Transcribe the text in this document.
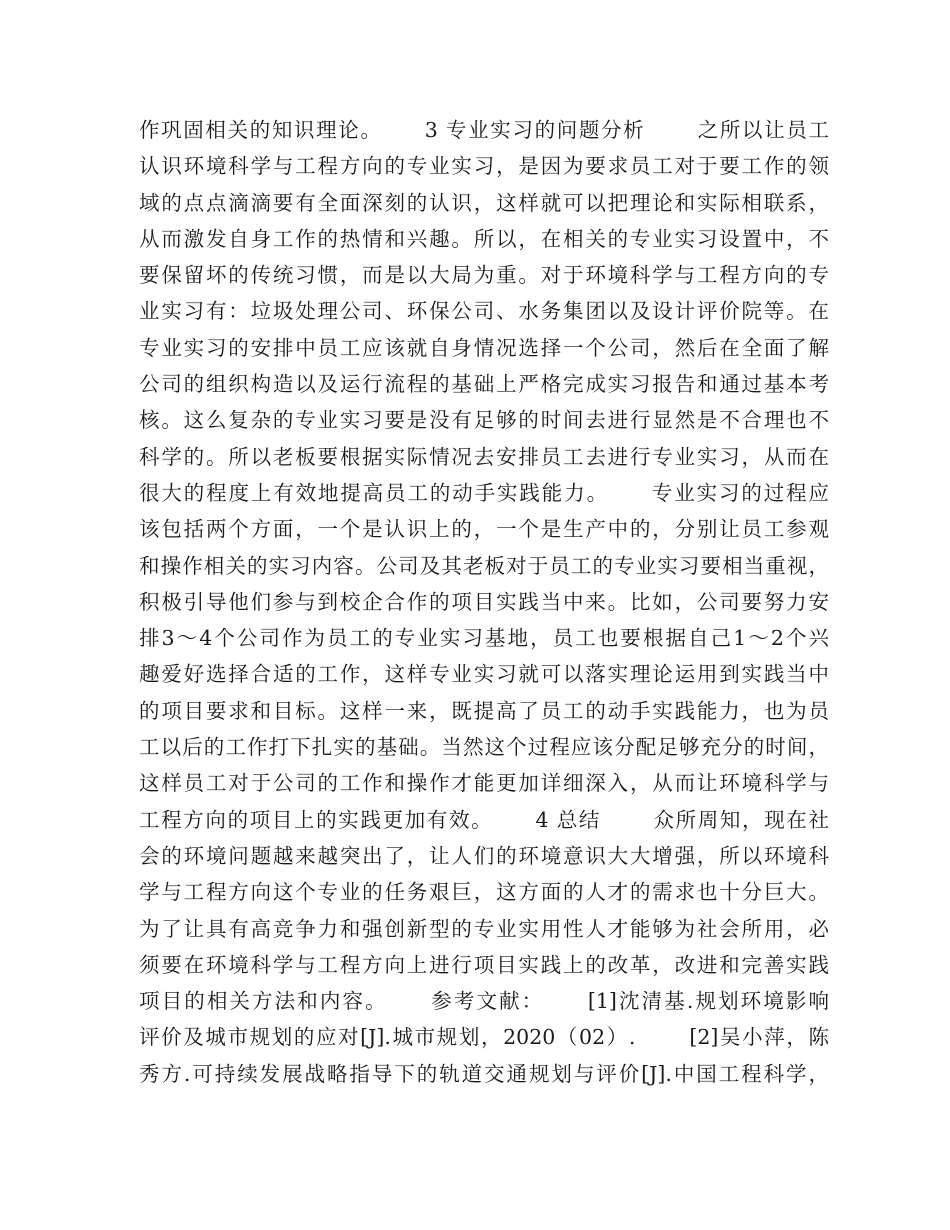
作巩固相关的知识理论。　　 3 专业实习的问题分析　　 之所以让员工
认识环境科学与工程方向的专业实习，是因为要求员工对于要工作的领
域的点点滴滴要有全面深刻的认识，这样就可以把理论和实际相联系，
从而激发自身工作的热情和兴趣。所以，在相关的专业实习设置中，不
要保留坏的传统习惯，而是以大局为重。对于环境科学与工程方向的专
业实习有：垃圾处理公司、环保公司、水务集团以及设计评价院等。在
专业实习的安排中员工应该就自身情况选择一个公司，然后在全面了解
公司的组织构造以及运行流程的基础上严格完成实习报告和通过基本考
核。这么复杂的专业实习要是没有足够的时间去进行显然是不合理也不
科学的。所以老板要根据实际情况去安排员工去进行专业实习，从而在
很大的程度上有效地提高员工的动手实践能力。　　 专业实习的过程应
该包括两个方面，一个是认识上的，一个是生产中的，分别让员工参观
和操作相关的实习内容。公司及其老板对于员工的专业实习要相当重视，
积极引导他们参与到校企合作的项目实践当中来。比如，公司要努力安
排3～4个公司作为员工的专业实习基地，员工也要根据自己1～2个兴
趣爱好选择合适的工作，这样专业实习就可以落实理论运用到实践当中
的项目要求和目标。这样一来，既提高了员工的动手实践能力，也为员
工以后的工作打下扎实的基础。当然这个过程应该分配足够充分的时间，
这样员工对于公司的工作和操作才能更加详细深入，从而让环境科学与
工程方向的项目上的实践更加有效。　　 4 总结　　 众所周知，现在社
会的环境问题越来越突出了，让人们的环境意识大大增强，所以环境科
学与工程方向这个专业的任务艰巨，这方面的人才的需求也十分巨大。
为了让具有高竞争力和强创新型的专业实用性人才能够为社会所用，必
须要在环境科学与工程方向上进行项目实践上的改革，改进和完善实践
项目的相关方法和内容。　　 参考文献：　　 [1]沈清基.规划环境影响
评价及城市规划的应对[J].城市规划，2020（02）.　　 [2]吴小萍，陈
秀方.可持续发展战略指导下的轨道交通规划与评价[J].中国工程科学，
